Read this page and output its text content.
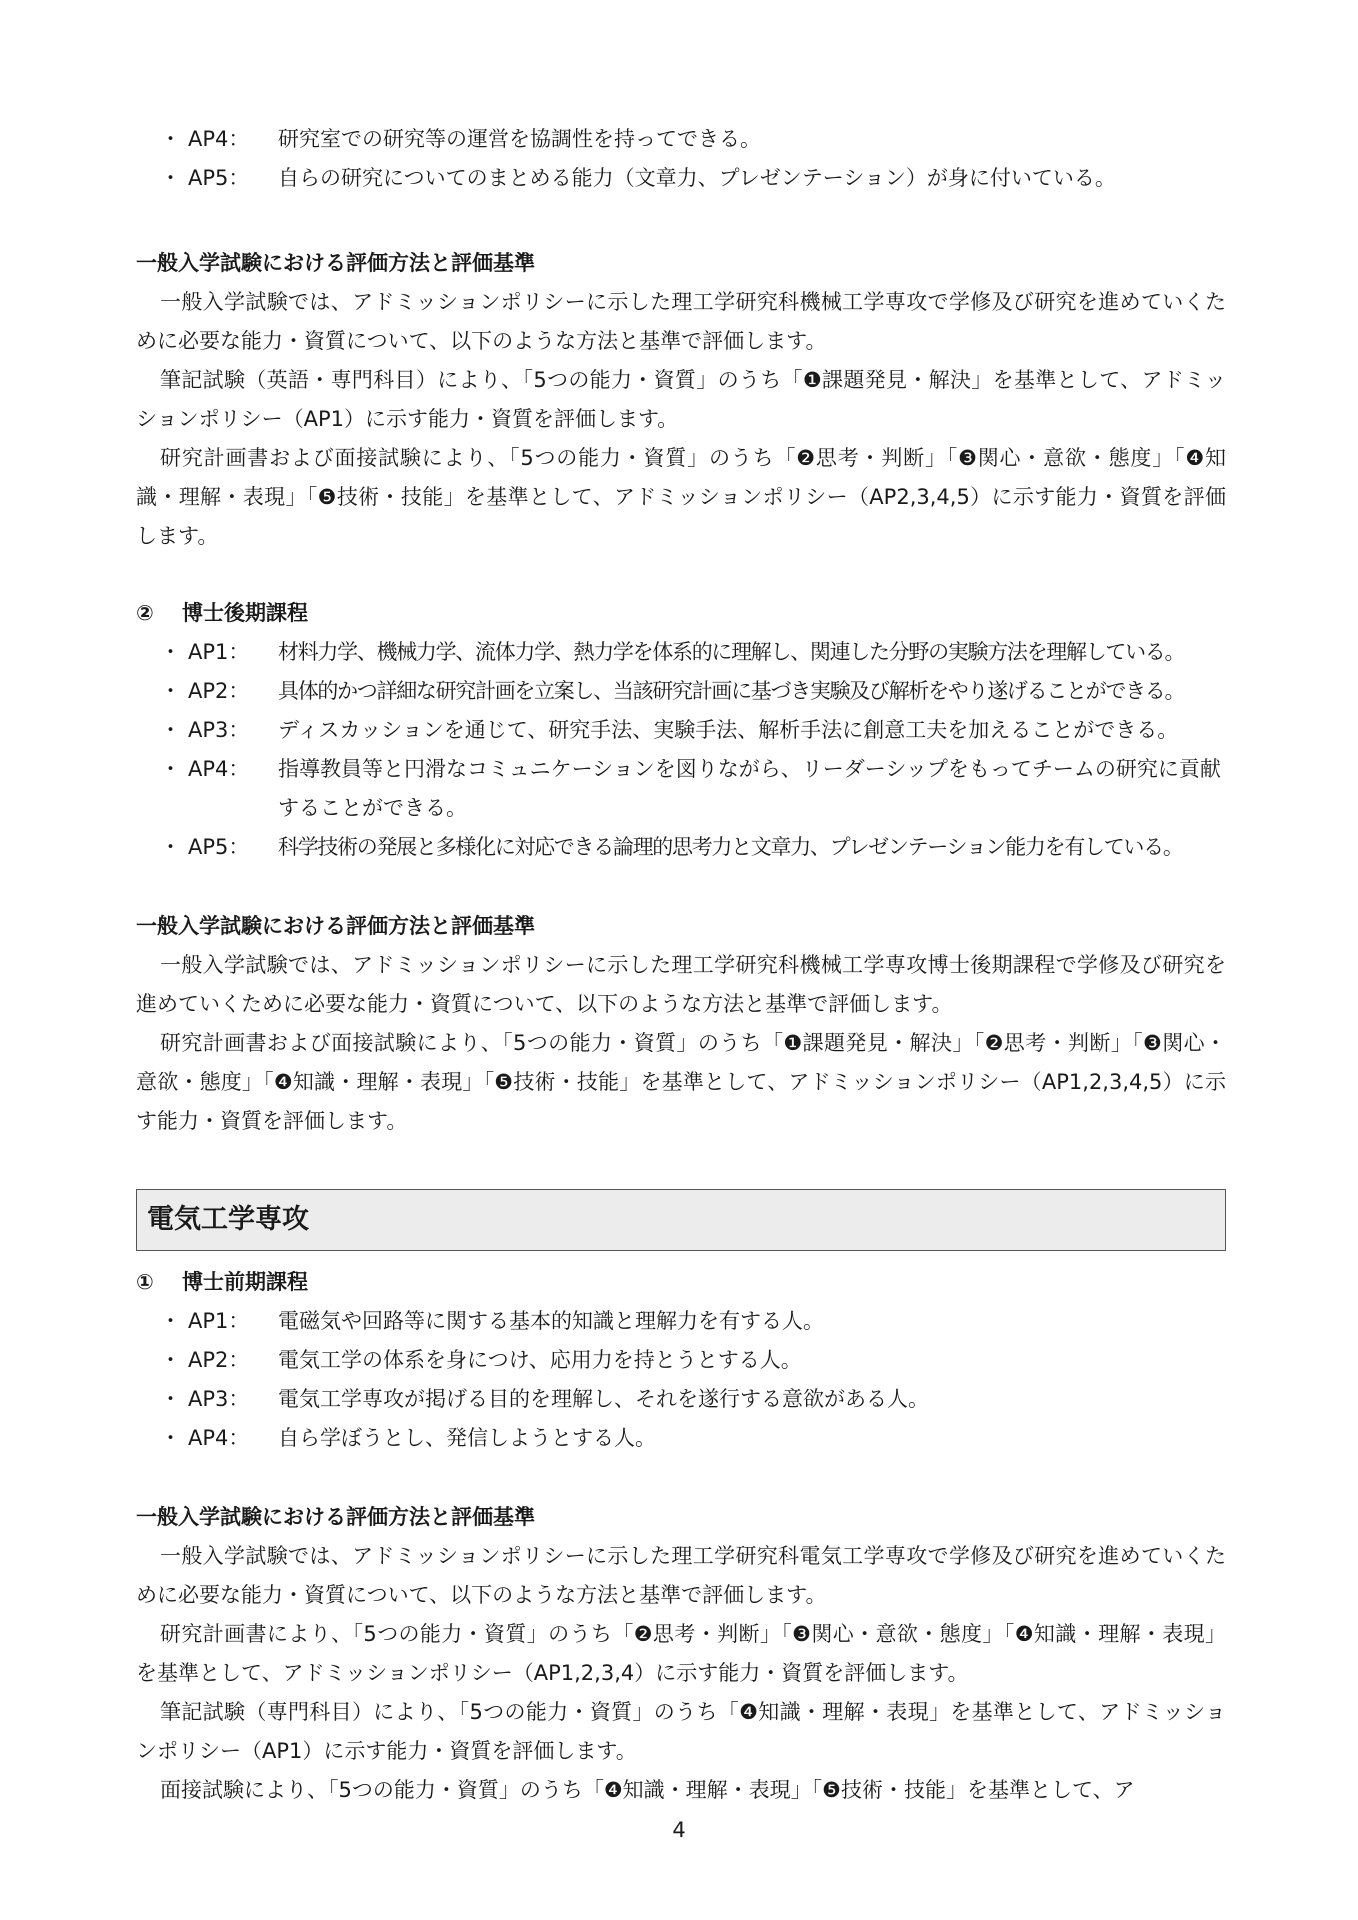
・ AP4：	研究室での研究等の運営を協調性を持ってできる。
・ AP5：	自らの研究についてのまとめる能力（文章力、プレゼンテーション）が身に付いている。
一般入学試験における評価方法と評価基準

一般入学試験では、アドミッションポリシーに示した理工学研究科機械工学専攻で学修及び研究を進めていくために必要な能力・資質について、以下のような方法と基準で評価します。

筆記試験（英語・専門科目）により、「5つの能力・資質」のうち「❶課題発見・解決」を基準として、アドミッションポリシー（AP1）に示す能力・資質を評価します。

研究計画書および面接試験により、「5つの能力・資質」のうち「❷思考・判断」「❸関心・意欲・態度」「❹知識・理解・表現」「❺技術・技能」を基準として、アドミッションポリシー（AP2,3,4,5）に示す能力・資質を評価します。

②	博士後期課程
・ AP1：	材料力学、機械力学、流体力学、熱力学を体系的に理解し、関連した分野の実験方法を理解している。
・ AP2：	具体的かつ詳細な研究計画を立案し、当該研究計画に基づき実験及び解析をやり遂げることができる。
・ AP3：	ディスカッションを通じて、研究手法、実験手法、解析手法に創意工夫を加えることができる。
・ AP4：	指導教員等と円滑なコミュニケーションを図りながら、リーダーシップをもってチームの研究に貢献することができる。
・ AP5：	科学技術の発展と多様化に対応できる論理的思考力と文章力、プレゼンテーション能力を有している。
一般入学試験における評価方法と評価基準

一般入学試験では、アドミッションポリシーに示した理工学研究科機械工学専攻博士後期課程で学修及び研究を進めていくために必要な能力・資質について、以下のような方法と基準で評価します。

研究計画書および面接試験により、「5つの能力・資質」のうち「❶課題発見・解決」「❷思考・判断」「❸関心・意欲・態度」「❹知識・理解・表現」「❺技術・技能」を基準として、アドミッションポリシー（AP1,2,3,4,5）に示す能力・資質を評価します。

電気工学専攻
①	博士前期課程
・ AP1：	電磁気や回路等に関する基本的知識と理解力を有する人。
・ AP2：	電気工学の体系を身につけ、応用力を持とうとする人。
・ AP3：	電気工学専攻が掲げる目的を理解し、それを遂行する意欲がある人。
・ AP4：	自ら学ぼうとし、発信しようとする人。
一般入学試験における評価方法と評価基準

一般入学試験では、アドミッションポリシーに示した理工学研究科電気工学専攻で学修及び研究を進めていくために必要な能力・資質について、以下のような方法と基準で評価します。

研究計画書により、「5つの能力・資質」のうち「❷思考・判断」「❸関心・意欲・態度」「❹知識・理解・表現」を基準として、アドミッションポリシー（AP1,2,3,4）に示す能力・資質を評価します。

筆記試験（専門科目）により、「5つの能力・資質」のうち「❹知識・理解・表現」を基準として、アドミッションポリシー（AP1）に示す能力・資質を評価します。

面接試験により、「5つの能力・資質」のうち「❹知識・理解・表現」「❺技術・技能」を基準として、ア

4
